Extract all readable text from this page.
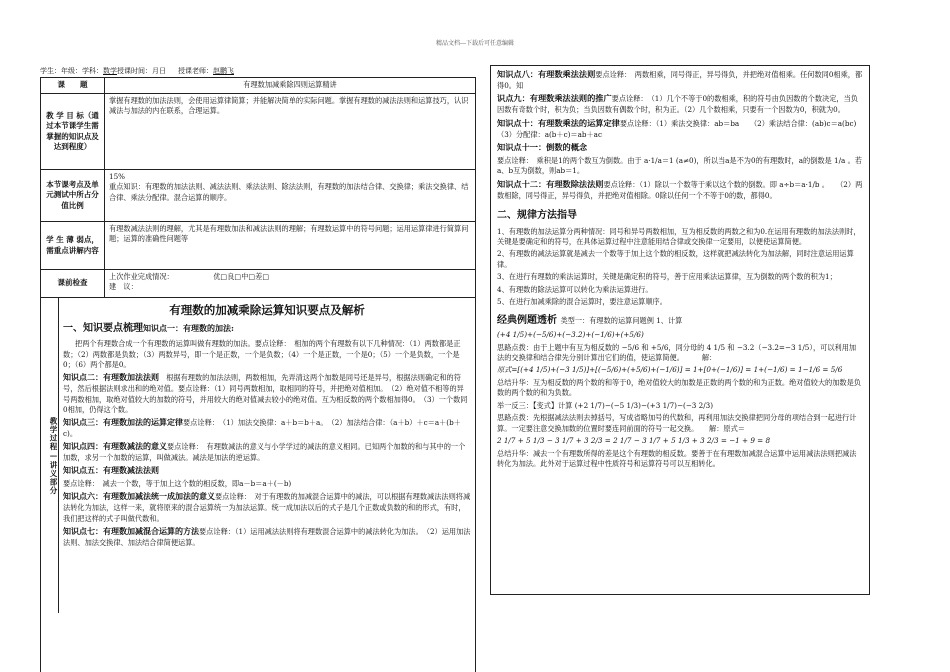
精品文档---下载后可任意编辑
学生：年级：学科：数学授课时间：月日 授课老师：赵鹏飞
课　　题	有理数加减乘除四则运算精讲
教 学 目 标（通过本节课学生需掌握的知识点及达到程度）
掌握有理数的加法法则，会使用运算律简算；并能解决简单的实际问题。掌握有理数的减法法则和运算技巧，认识减法与加法的内在联系，合理运算。
本节课考点及单元测试中所占分值比例

15%

重点知识：有理数的加法法则、减法法则、乘法法则、除法法则，有理数的加法结合律、交换律；乘法交换律、结合律、乘法分配律。混合运算的顺序。

学 生 薄 弱点，需重点讲解内容
有理数减法法则的理解，尤其是有理数加法和减法法则的理解；有理数运算中的符号问题；运用运算律进行简算问题；运算的准确性问题等
课前检查

上次作业完成情况：　　　　　　	优□良□中□差□

建　议：

教学过程—讲义部分
有理数的加减乘除运算知识要点及解析
一、知识要点梳理知识点一：有理数的加法:

把两个有理数合成一个有理数的运算叫做有理数的加法。要点诠释：　相加的两个有理数有以下几种情况：（1）两数都是正数；（2）两数都是负数；（3）两数异号，即一个是正数，一个是负数；（4）一个是正数，一个是0；（5）一个是负数，一个是0；（6）两个都是0。

知识点二：有理数加法法则　根据有理数的加法法则，两数相加，先弄清这两个加数是同号还是异号，根据法则确定和的符号，然后根据法则求出和的绝对值。要点诠释：（1）同号两数相加，取相同的符号，并把绝对值相加。　（2）绝对值不相等的异号两数相加，取绝对值较大的加数的符号，并用较大的绝对值减去较小的绝对值。互为相反数的两个数相加得0。　（3）一个数同0相加，仍得这个数。

知识点三：有理数加法的运算定律要点诠释：　（1）加法交换律：a＋b＝b＋a。　（2）加法结合律：（a＋b）＋c＝a＋(b＋c)。

知识点四：有理数减法的意义要点诠释：　有理数减法的意义与小学学过的减法的意义相同。已知两个加数的和与其中的一个加数，求另一个加数的运算，叫做减法。减法是加法的逆运算。

知识点五：有理数减法法则

要点诠释：　减去一个数，等于加上这个数的相反数，即a－b＝a＋(－b)

知识点六：有理数加减法统一成加法的意义要点诠释：　对于有理数的加减混合运算中的减法，可以根据有理数减法法则将减法转化为加法，这样一来，就将原来的混合运算统一为加法运算。统一成加法以后的式子是几个正数或负数的和的形式，有时，我们把这样的式子叫做代数和。

知识点七：有理数加减混合运算的方法要点诠释：（1）运用减法法则将有理数混合运算中的减法转化为加法。　（2）运用加法法则、加法交换律、加法结合律简便运算。

知识点八：有理数乘法法则要点诠释：　两数相乘，同号得正，异号得负，并把绝对值相乘。任何数同0相乘，都得0。知

识点九：有理数乘法法则的推广要点诠释：　（1）几个不等于0的数相乘，积的符号由负因数的个数决定，当负因数有奇数个时，积为负；当负因数有偶数个时，积为正。（2）几个数相乘，只要有一个因数为0，积就为0。

知识点十：有理数乘法的运算定律要点诠释：（1）乘法交换律：ab＝ba　　（2）乘法结合律：(ab)c＝a(bc)　　（3）分配律：a(b＋c)＝ab＋ac

知识点十一：倒数的概念

要点诠释：　乘积是1的两个数互为倒数。由于 a·1/a＝1 (a≠0)，所以当a是不为0的有理数时，a的倒数是 1/a 。若a、b互为倒数，则ab＝1。

知识点十二：有理数除法法则要点诠释：（1）除以一个数等于乘以这个数的倒数。即 a÷b＝a·1/b 。　　（2）两数相除，同号得正，异号得负，并把绝对值相除。0除以任何一个不等于0的数，都得0。

二、规律方法指导

1、有理数的加法运算分两种情况：同号和异号两数相加，互为相反数的两数之和为0.在运用有理数的加法法则时，关键是要确定和的符号，在具体运算过程中注意能用结合律或交换律一定要用，以便使运算简便。

2、有理数的减法运算就是减去一个数等于加上这个数的相反数，这样就把减法转化为加法解，同时注意运用运算律。

3、在进行有理数的乘法运算时，关键是确定积的符号，善于应用乘法运算律，互为倒数的两个数的积为1；

4、有理数的除法运算可以转化为乘法运算进行。

5、在进行加减乘除的混合运算时，要注意运算顺序。

经典例题透析 类型一：有理数的运算问题例 1、计算

(+4 1/5)+(−5/6)+(−3.2)+(−1/6)+(+5/6)

思路点拨：由于上题中有互为相反数的 −5/6 和 +5/6，同分母的 4 1/5 和 −3.2（−3.2=−3 1/5），可以利用加法的交换律和结合律先分别计算出它们的值，使运算简便。　　　解：

原式=[(+4 1/5)+(−3 1/5)]+[(−5/6)+(+5/6)+(−1/6)] = 1+[0+(−1/6)] = 1+(−1/6) = 1−1/6 = 5/6

总结升华：互为相反数的两个数的和等于0，绝对值较大的加数是正数的两个数的和为正数。绝对值较大的加数是负数的两个数的和为负数。

举一反三：【变式】计算 (+2 1/7)−(−5 1/3)−(+3 1/7)−(−3 2/3)

思路点拨：先根据减法法则去掉括号，写成省略加号的代数和，再利用加法交换律把同分母的项结合到一起进行计算。一定要注意交换加数的位置时要连同前面的符号一起交换。　　解：原式＝

2 1/7 + 5 1/3 − 3 1/7 + 3 2/3 = 2 1/7 − 3 1/7 + 5 1/3 + 3 2/3 = −1 + 9 = 8

总结升华：减去一个有理数所得的差是这个有理数的相反数。要善于在有理数加减混合运算中运用减法法则把减法转化为加法。此外对于运算过程中性质符号和运算符号可以互相转化。
